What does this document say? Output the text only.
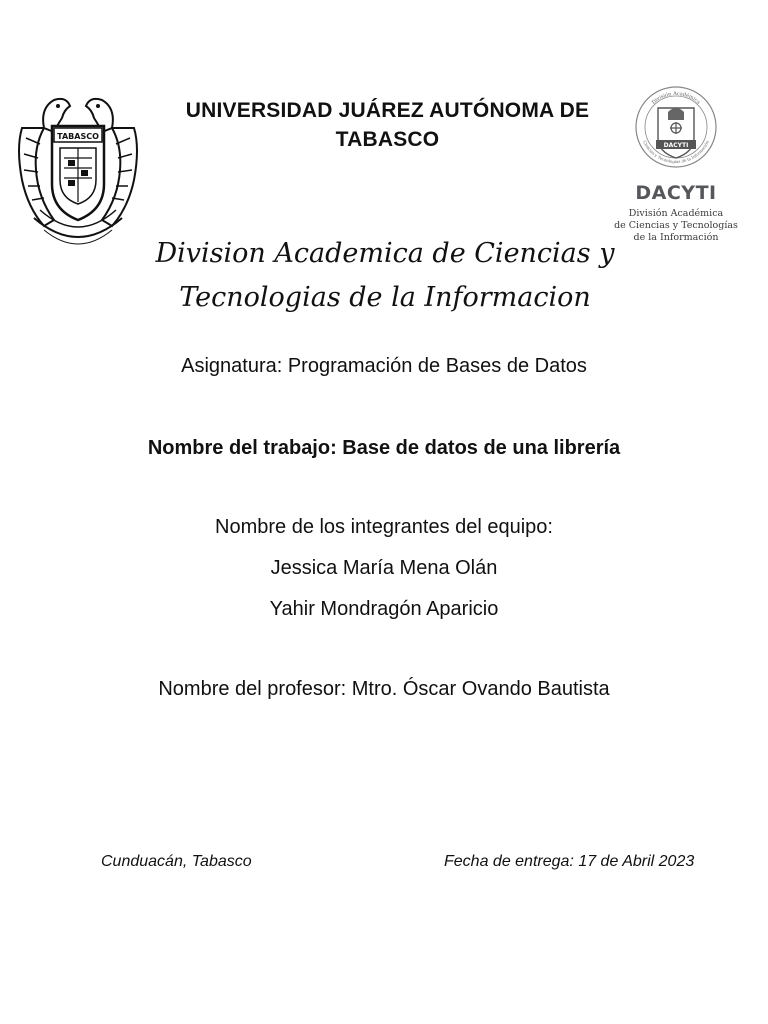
TABASCO
UNIVERSIDAD JUÁREZ AUTÓNOMA DE
TABASCO	DACYTI
División Académica
Ciencias y Tecnologías de la Información
DACYTI
División Académica
de Ciencias y Tecnologías
de la Información
Division Academica de Ciencias y
Tecnologias de la Informacion
Asignatura: Programación de Bases de Datos
Nombre del trabajo: Base de datos de una librería
Nombre de los integrantes del equipo:
Jessica María Mena Olán
Yahir Mondragón Aparicio
Nombre del profesor: Mtro. Óscar Ovando Bautista
Cunduacán, Tabasco	Fecha de entrega: 17 de Abril 2023
